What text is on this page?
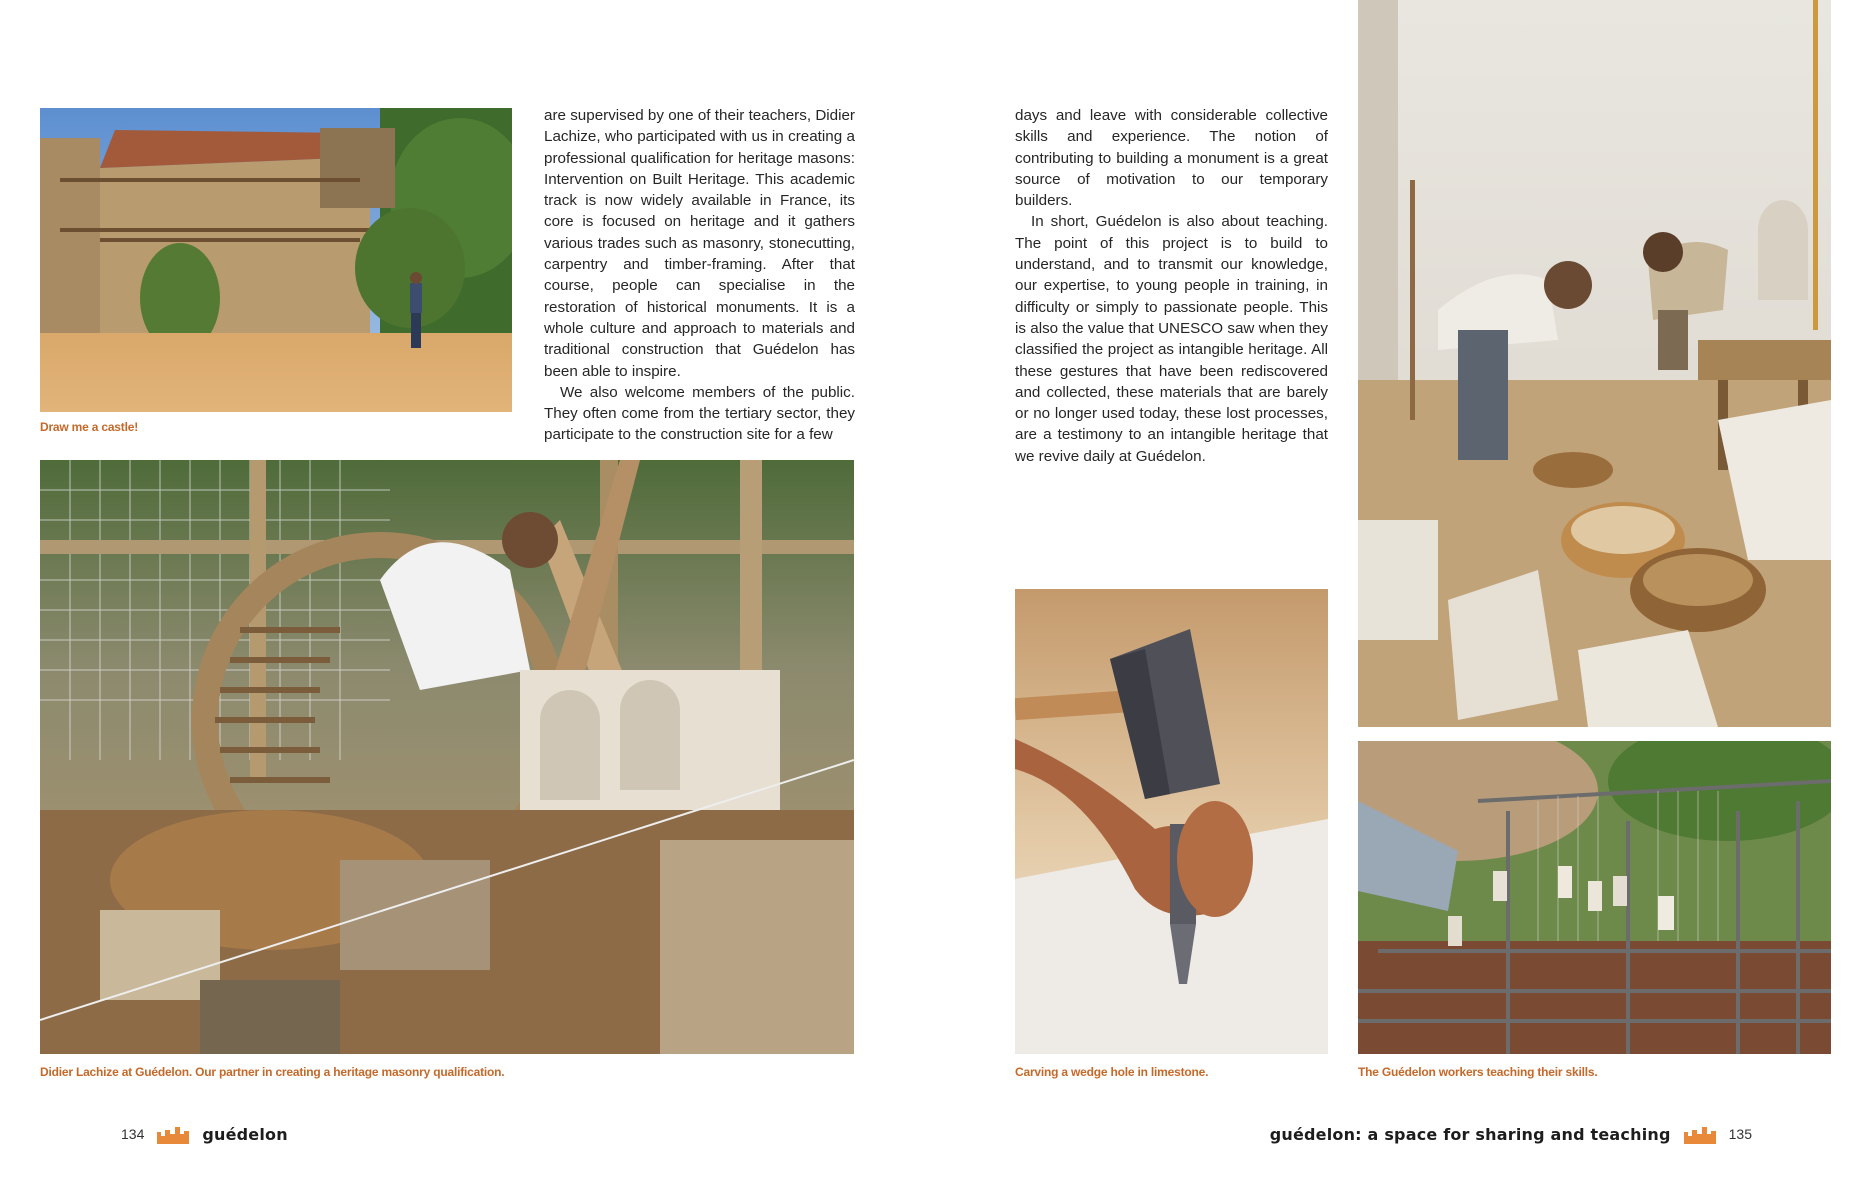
Draw me a castle!

are supervised by one of their teachers, Didier Lachize, who participated with us in creating a professional qualification for heritage masons: Intervention on Built Heritage. This academic track is now widely available in France, its core is focused on heritage and it gathers various trades such as masonry, stonecutting, carpentry and timber-framing. After that course, people can specialise in the restoration of historical monuments. It is a whole culture and approach to materials and traditional construction that Guédelon has been able to inspire.

We also welcome members of the public. They often come from the tertiary sector, they participate to the construction site for a few

Didier Lachize at Guédelon. Our partner in creating a heritage masonry qualification.
134	guédelon

days and leave with considerable collective skills and experience. The notion of contributing to building a monument is a great source of motivation to our temporary builders.

In short, Guédelon is also about teaching. The point of this project is to build to understand, and to transmit our knowledge, our expertise, to young people in training, in difficulty or simply to passionate people. This is also the value that UNESCO saw when they classified the project as intangible heritage. All these gestures that have been rediscovered and collected, these materials that are barely or no longer used today, these lost processes, are a testimony to an intangible heritage that we revive daily at Guédelon.

Carving a wedge hole in limestone.	The Guédelon workers teaching their skills.
guédelon: a space for sharing and teaching	135
